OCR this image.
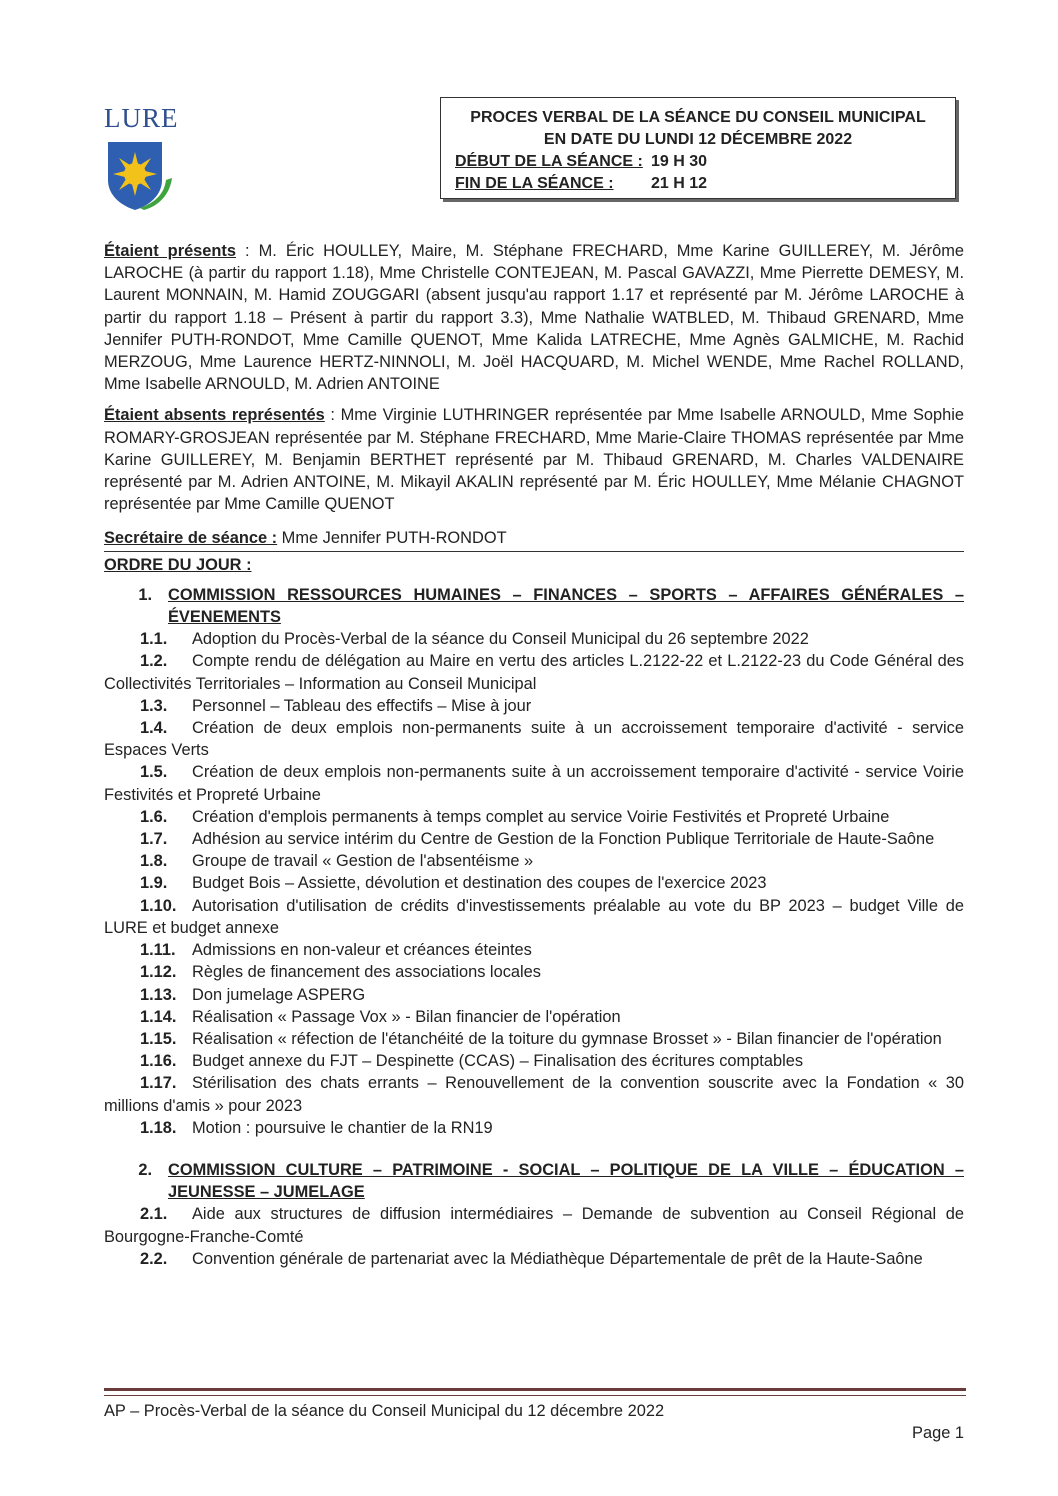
LURE	PROCES VERBAL DE LA SÉANCE DU CONSEIL MUNICIPAL
EN DATE DU LUNDI 12 DÉCEMBRE 2022
DÉBUT DE LA SÉANCE : 19 H 30
FIN DE LA SÉANCE :	21 H 12

Étaient présents : M. Éric HOULLEY, Maire, M. Stéphane FRECHARD, Mme Karine GUILLEREY, M. Jérôme LAROCHE (à partir du rapport 1.18), Mme Christelle CONTEJEAN, M. Pascal GAVAZZI, Mme Pierrette DEMESY, M. Laurent MONNAIN, M. Hamid ZOUGGARI (absent jusqu'au rapport 1.17 et représenté par M. Jérôme LAROCHE à partir du rapport 1.18 – Présent à partir du rapport 3.3), Mme Nathalie WATBLED, M. Thibaud GRENARD, Mme Jennifer PUTH-RONDOT, Mme Camille QUENOT, Mme Kalida LATRECHE, Mme Agnès GALMICHE, M. Rachid MERZOUG, Mme Laurence HERTZ-NINNOLI, M. Joël HACQUARD, M. Michel WENDE, Mme Rachel ROLLAND, Mme Isabelle ARNOULD, M. Adrien ANTOINE

Étaient absents représentés : Mme Virginie LUTHRINGER représentée par Mme Isabelle ARNOULD, Mme Sophie ROMARY-GROSJEAN représentée par M. Stéphane FRECHARD, Mme Marie-Claire THOMAS représentée par Mme Karine GUILLEREY, M. Benjamin BERTHET représenté par M. Thibaud GRENARD, M. Charles VALDENAIRE représenté par M. Adrien ANTOINE, M. Mikayil AKALIN représenté par M. Éric HOULLEY, Mme Mélanie CHAGNOT représentée par Mme Camille QUENOT

Secrétaire de séance : Mme Jennifer PUTH-RONDOT
ORDRE DU JOUR :
1. COMMISSION RESSOURCES HUMAINES – FINANCES – SPORTS – AFFAIRES GÉNÉRALES – ÉVENEMENTS

1.1. Adoption du Procès-Verbal de la séance du Conseil Municipal du 26 septembre 2022

1.2. Compte rendu de délégation au Maire en vertu des articles L.2122-22 et L.2122-23 du Code Général des Collectivités Territoriales – Information au Conseil Municipal

1.3. Personnel – Tableau des effectifs – Mise à jour

1.4. Création de deux emplois non-permanents suite à un accroissement temporaire d'activité - service Espaces Verts

1.5. Création de deux emplois non-permanents suite à un accroissement temporaire d'activité - service Voirie Festivités et Propreté Urbaine

1.6. Création d'emplois permanents à temps complet au service Voirie Festivités et Propreté Urbaine

1.7. Adhésion au service intérim du Centre de Gestion de la Fonction Publique Territoriale de Haute-Saône

1.8. Groupe de travail « Gestion de l'absentéisme »

1.9. Budget Bois – Assiette, dévolution et destination des coupes de l'exercice 2023

1.10. Autorisation d'utilisation de crédits d'investissements préalable au vote du BP 2023 – budget Ville de LURE et budget annexe

1.11. Admissions en non-valeur et créances éteintes

1.12. Règles de financement des associations locales

1.13. Don jumelage ASPERG

1.14. Réalisation « Passage Vox » - Bilan financier de l'opération

1.15. Réalisation « réfection de l'étanchéité de la toiture du gymnase Brosset » - Bilan financier de l'opération

1.16. Budget annexe du FJT – Despinette (CCAS) – Finalisation des écritures comptables

1.17. Stérilisation des chats errants – Renouvellement de la convention souscrite avec la Fondation « 30 millions d'amis » pour 2023

1.18. Motion : poursuive le chantier de la RN19

2. COMMISSION CULTURE – PATRIMOINE - SOCIAL – POLITIQUE DE LA VILLE – ÉDUCATION – JEUNESSE – JUMELAGE

2.1. Aide aux structures de diffusion intermédiaires – Demande de subvention au Conseil Régional de Bourgogne-Franche-Comté

2.2. Convention générale de partenariat avec la Médiathèque Départementale de prêt de la Haute-Saône

AP – Procès-Verbal de la séance du Conseil Municipal du 12 décembre 2022
Page 1
